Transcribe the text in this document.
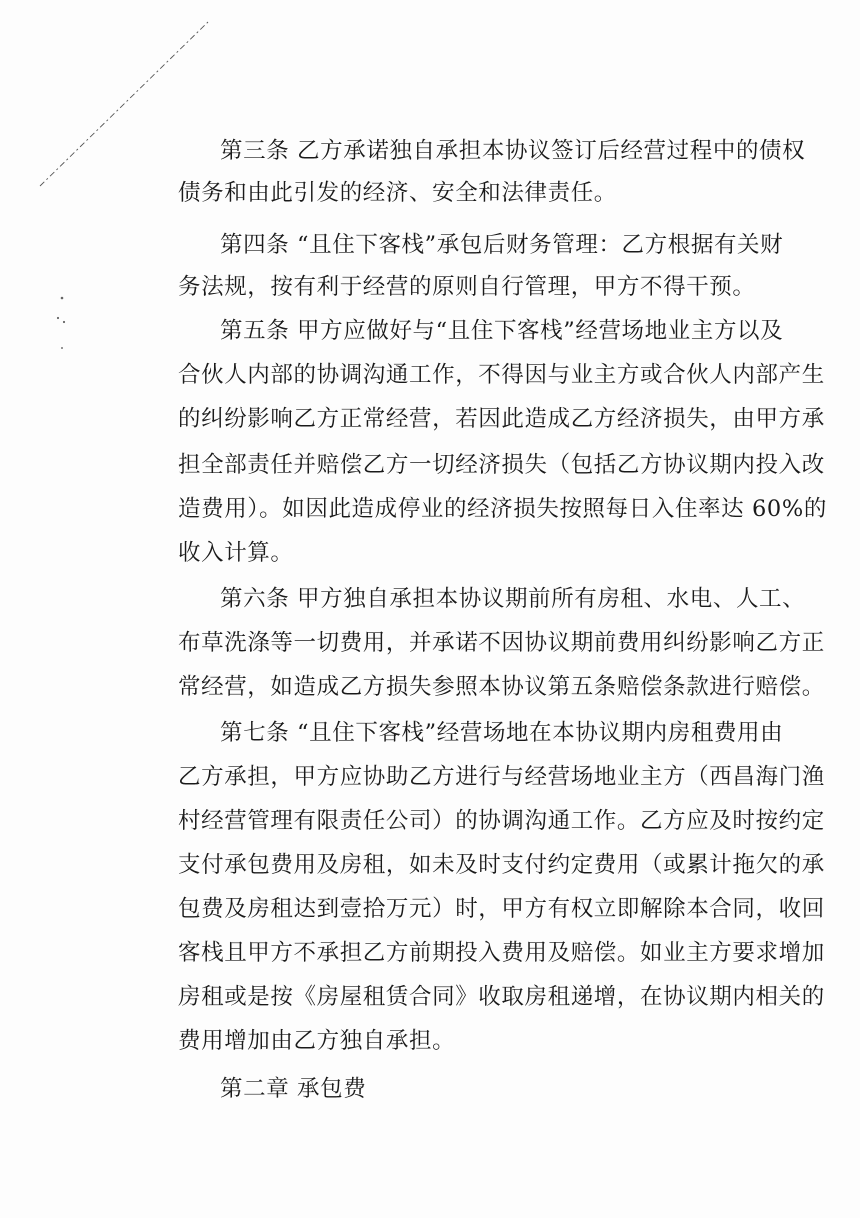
第三条 乙方承诺独自承担本协议签订后经营过程中的债权
债务和由此引发的经济、安全和法律责任。
第四条 “且住下客栈”承包后财务管理：乙方根据有关财
务法规，按有利于经营的原则自行管理，甲方不得干预。
第五条 甲方应做好与“且住下客栈”经营场地业主方以及
合伙人内部的协调沟通工作，不得因与业主方或合伙人内部产生
的纠纷影响乙方正常经营，若因此造成乙方经济损失，由甲方承
担全部责任并赔偿乙方一切经济损失（包括乙方协议期内投入改
造费用）。如因此造成停业的经济损失按照每日入住率达 60%的
收入计算。
第六条 甲方独自承担本协议期前所有房租、水电、人工、
布草洗涤等一切费用，并承诺不因协议期前费用纠纷影响乙方正
常经营，如造成乙方损失参照本协议第五条赔偿条款进行赔偿。
第七条 “且住下客栈”经营场地在本协议期内房租费用由
乙方承担，甲方应协助乙方进行与经营场地业主方（西昌海门渔
村经营管理有限责任公司）的协调沟通工作。乙方应及时按约定
支付承包费用及房租，如未及时支付约定费用（或累计拖欠的承
包费及房租达到壹拾万元）时，甲方有权立即解除本合同，收回
客栈且甲方不承担乙方前期投入费用及赔偿。如业主方要求增加
房租或是按《房屋租赁合同》收取房租递增，在协议期内相关的
费用增加由乙方独自承担。
第二章 承包费
